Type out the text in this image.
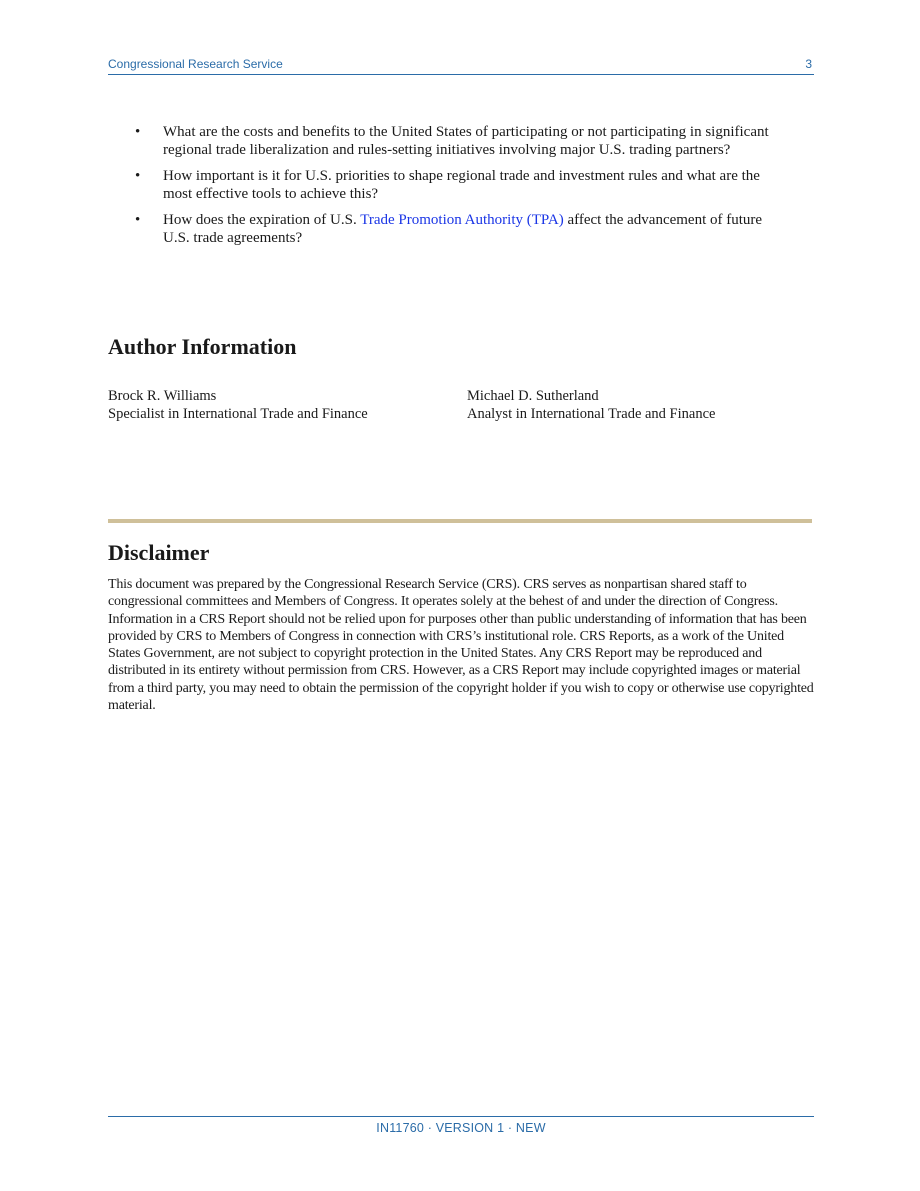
Congressional Research Service	3
• What are the costs and benefits to the United States of participating or not participating in significant regional trade liberalization and rules-setting initiatives involving major U.S. trading partners?
• How important is it for U.S. priorities to shape regional trade and investment rules and what are the most effective tools to achieve this?
• How does the expiration of U.S. Trade Promotion Authority (TPA) affect the advancement of future U.S. trade agreements?
Author Information
Brock R. Williams
Specialist in International Trade and Finance
Michael D. Sutherland
Analyst in International Trade and Finance
Disclaimer

This document was prepared by the Congressional Research Service (CRS). CRS serves as nonpartisan shared staff to congressional committees and Members of Congress. It operates solely at the behest of and under the direction of Congress. Information in a CRS Report should not be relied upon for purposes other than public understanding of information that has been provided by CRS to Members of Congress in connection with CRS’s institutional role. CRS Reports, as a work of the United States Government, are not subject to copyright protection in the United States. Any CRS Report may be reproduced and distributed in its entirety without permission from CRS. However, as a CRS Report may include copyrighted images or material from a third party, you may need to obtain the permission of the copyright holder if you wish to copy or otherwise use copyrighted material.

IN11760 · VERSION 1 · NEW
